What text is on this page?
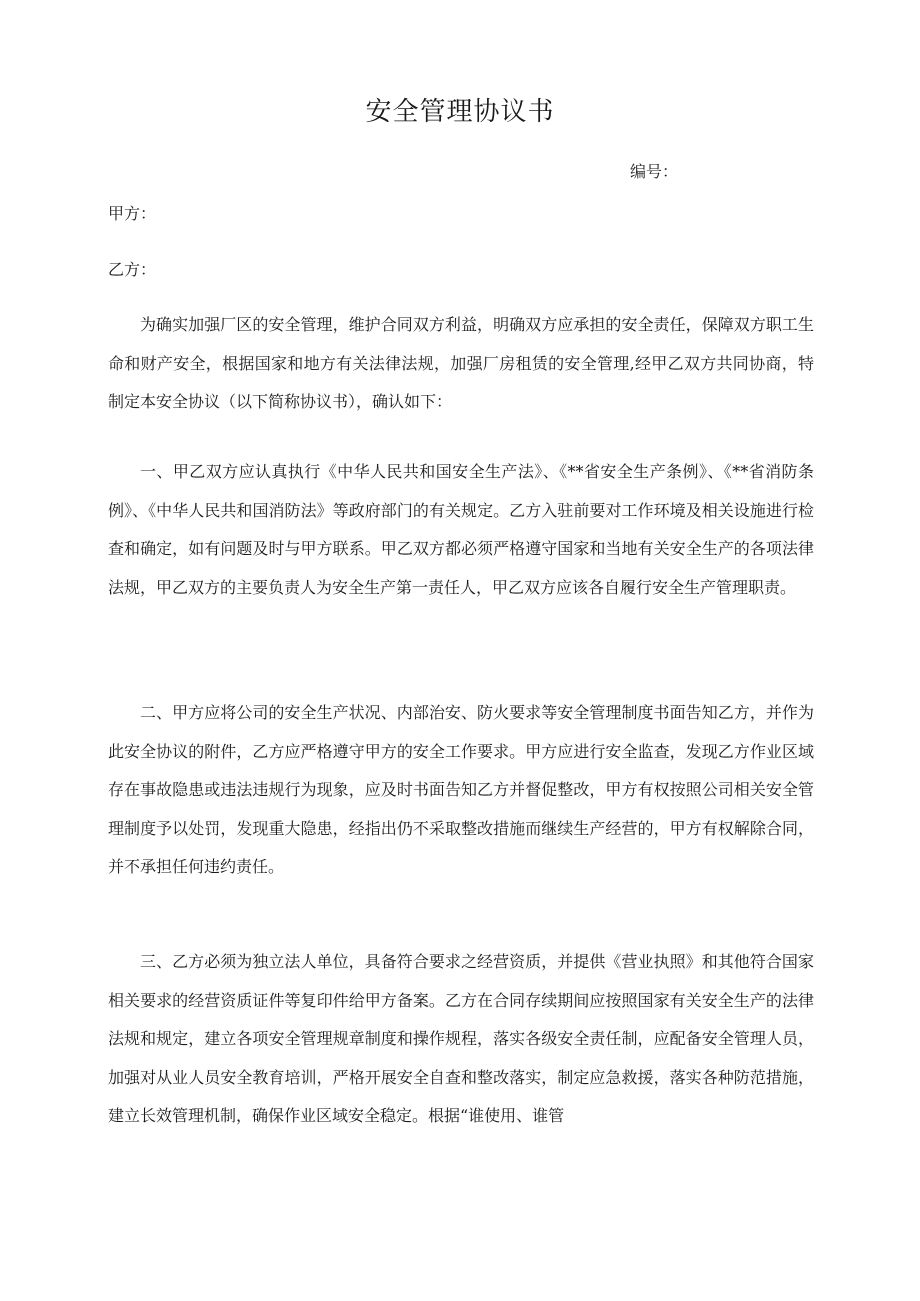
安全管理协议书
编号：
甲方：
乙方：

为确实加强厂区的安全管理，维护合同双方利益，明确双方应承担的安全责任，保障双方职工生命和财产安全，根据国家和地方有关法律法规，加强厂房租赁的安全管理,经甲乙双方共同协商，特制定本安全协议（以下简称协议书），确认如下：

一、甲乙双方应认真执行《中华人民共和国安全生产法》、《**省安全生产条例》、《**省消防条例》、《中华人民共和国消防法》等政府部门的有关规定。乙方入驻前要对工作环境及相关设施进行检查和确定，如有问题及时与甲方联系。甲乙双方都必须严格遵守国家和当地有关安全生产的各项法律法规，甲乙双方的主要负责人为安全生产第一责任人，甲乙双方应该各自履行安全生产管理职责。

二、甲方应将公司的安全生产状况、内部治安、防火要求等安全管理制度书面告知乙方，并作为此安全协议的附件，乙方应严格遵守甲方的安全工作要求。甲方应进行安全监查，发现乙方作业区域存在事故隐患或违法违规行为现象，应及时书面告知乙方并督促整改，甲方有权按照公司相关安全管理制度予以处罚，发现重大隐患，经指出仍不采取整改措施而继续生产经营的，甲方有权解除合同，并不承担任何违约责任。

三、乙方必须为独立法人单位，具备符合要求之经营资质，并提供《营业执照》和其他符合国家相关要求的经营资质证件等复印件给甲方备案。乙方在合同存续期间应按照国家有关安全生产的法律法规和规定，建立各项安全管理规章制度和操作规程，落实各级安全责任制，应配备安全管理人员，加强对从业人员安全教育培训，严格开展安全自查和整改落实，制定应急救援，落实各种防范措施，建立长效管理机制，确保作业区域安全稳定。根据“谁使用、谁管
